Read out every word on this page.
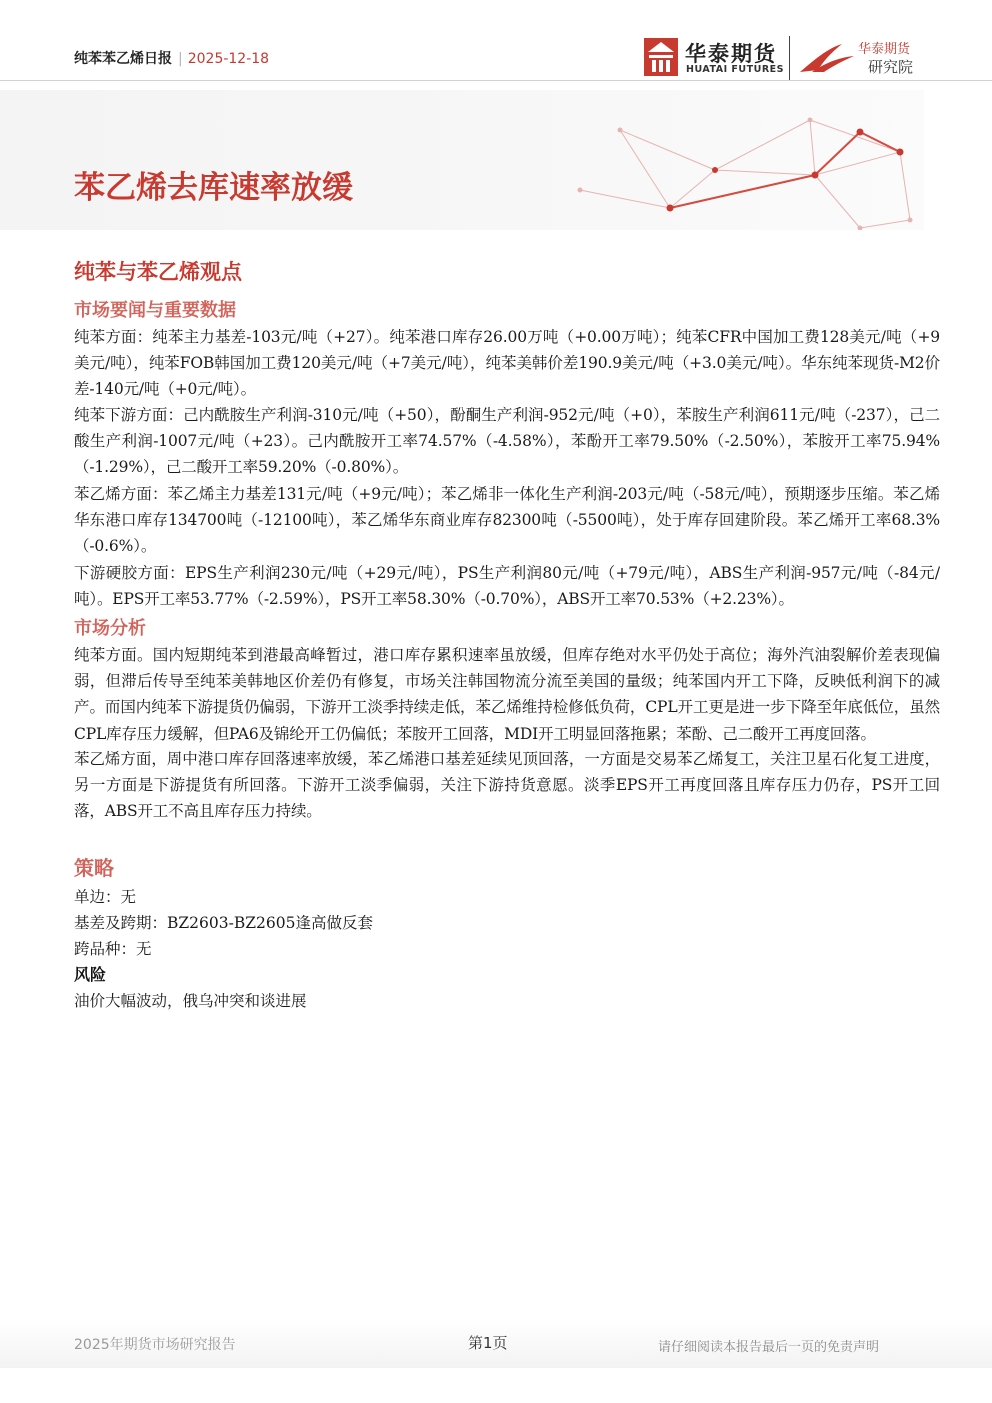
纯苯苯乙烯日报 | 2025-12-18	华泰期货
HUATAI FUTURES
华泰期货
研究院
苯乙烯去库速率放缓
纯苯与苯乙烯观点
市场要闻与重要数据
纯苯方面：纯苯主力基差-103元/吨（+27）。纯苯港口库存26.00万吨（+0.00万吨）；纯苯CFR中国加工费128美元/吨（+9美元/吨），纯苯FOB韩国加工费120美元/吨（+7美元/吨），纯苯美韩价差190.9美元/吨（+3.0美元/吨）。华东纯苯现货-M2价差-140元/吨（+0元/吨）。
纯苯下游方面：己内酰胺生产利润-310元/吨（+50），酚酮生产利润-952元/吨（+0），苯胺生产利润611元/吨（-237），己二酸生产利润-1007元/吨（+23）。己内酰胺开工率74.57%（-4.58%），苯酚开工率79.50%（-2.50%），苯胺开工率75.94%（-1.29%），己二酸开工率59.20%（-0.80%）。
苯乙烯方面：苯乙烯主力基差131元/吨（+9元/吨）；苯乙烯非一体化生产利润-203元/吨（-58元/吨），预期逐步压缩。苯乙烯华东港口库存134700吨（-12100吨），苯乙烯华东商业库存82300吨（-5500吨），处于库存回建阶段。苯乙烯开工率68.3%（-0.6%）。
下游硬胶方面：EPS生产利润230元/吨（+29元/吨），PS生产利润80元/吨（+79元/吨），ABS生产利润-957元/吨（-84元/吨）。EPS开工率53.77%（-2.59%），PS开工率58.30%（-0.70%），ABS开工率70.53%（+2.23%）。
市场分析
纯苯方面。国内短期纯苯到港最高峰暂过，港口库存累积速率虽放缓，但库存绝对水平仍处于高位；海外汽油裂解价差表现偏弱，但滞后传导至纯苯美韩地区价差仍有修复，市场关注韩国物流分流至美国的量级；纯苯国内开工下降，反映低利润下的减产。而国内纯苯下游提货仍偏弱，下游开工淡季持续走低，苯乙烯维持检修低负荷，CPL开工更是进一步下降至年底低位，虽然CPL库存压力缓解，但PA6及锦纶开工仍偏低；苯胺开工回落，MDI开工明显回落拖累；苯酚、己二酸开工再度回落。
苯乙烯方面，周中港口库存回落速率放缓，苯乙烯港口基差延续见顶回落，一方面是交易苯乙烯复工，关注卫星石化复工进度，另一方面是下游提货有所回落。下游开工淡季偏弱，关注下游持货意愿。淡季EPS开工再度回落且库存压力仍存，PS开工回落，ABS开工不高且库存压力持续。
策略
单边：无
基差及跨期：BZ2603-BZ2605逢高做反套
跨品种：无
风险
油价大幅波动，俄乌冲突和谈进展
2025年期货市场研究报告	第1页	请仔细阅读本报告最后一页的免责声明
